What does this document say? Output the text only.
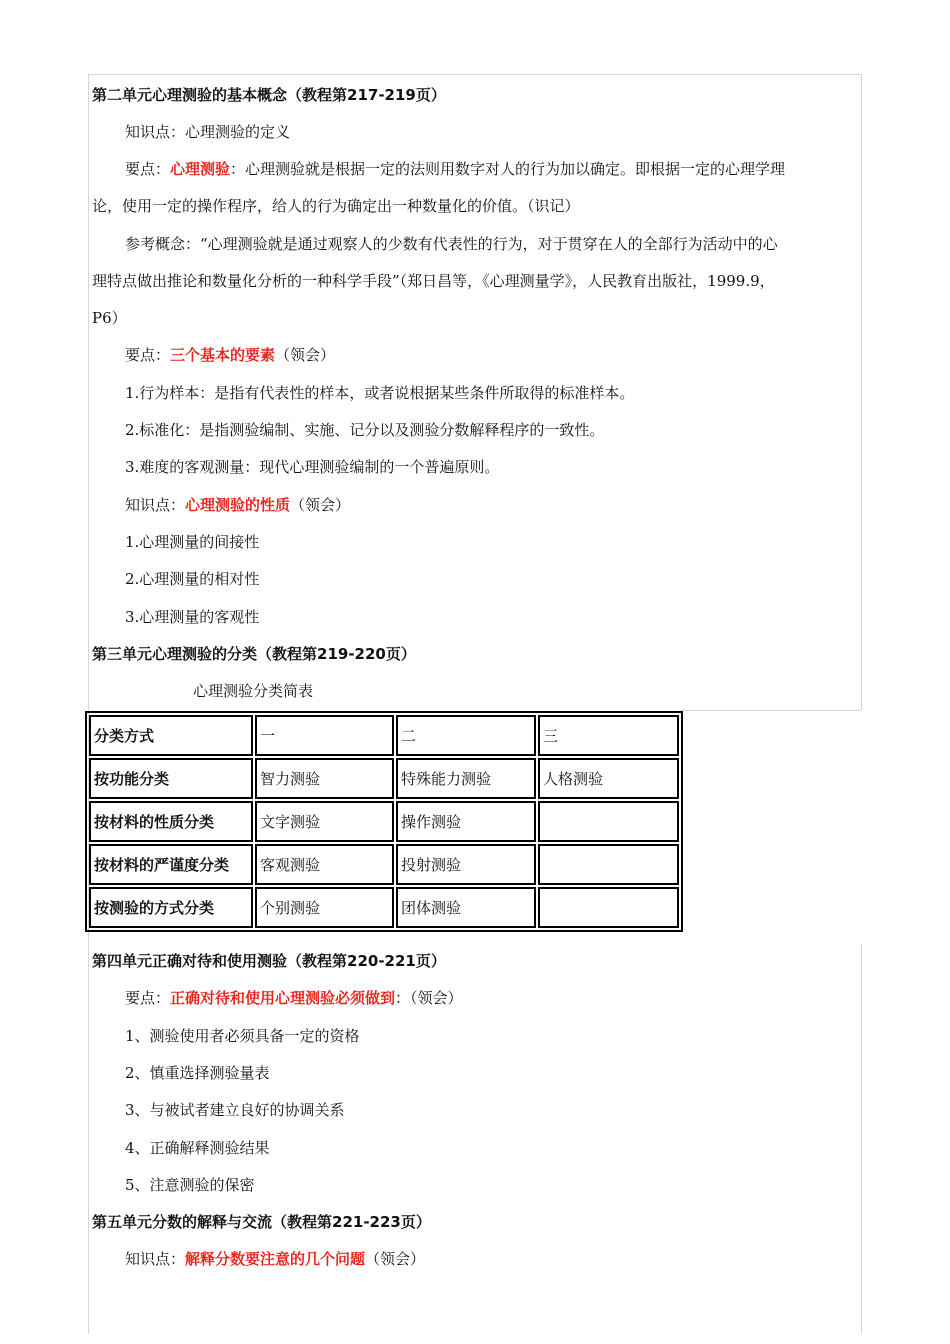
第二单元心理测验的基本概念（教程第217-219页）
知识点：心理测验的定义
要点：心理测验：心理测验就是根据一定的法则用数字对人的行为加以确定。即根据一定的心理学理
论，使用一定的操作程序，给人的行为确定出一种数量化的价值。（识记）
参考概念：“心理测验就是通过观察人的少数有代表性的行为，对于贯穿在人的全部行为活动中的心
理特点做出推论和数量化分析的一种科学手段”（郑日昌等，《心理测量学》，人民教育出版社，1999.9，
P6）
要点：三个基本的要素（领会）
1.行为样本：是指有代表性的样本，或者说根据某些条件所取得的标准样本。
2.标准化：是指测验编制、实施、记分以及测验分数解释程序的一致性。
3.难度的客观测量：现代心理测验编制的一个普遍原则。
知识点：心理测验的性质（领会）
1.心理测量的间接性
2.心理测量的相对性
3.心理测量的客观性
第三单元心理测验的分类（教程第219-220页）
心理测验分类简表
分类方式	一	二	三
按功能分类	智力测验	特殊能力测验	人格测验
按材料的性质分类	文字测验	操作测验	
按材料的严谨度分类	客观测验	投射测验	
按测验的方式分类	个别测验	团体测验	
第四单元正确对待和使用测验（教程第220-221页）
要点：正确对待和使用心理测验必须做到：（领会）
1、测验使用者必须具备一定的资格
2、慎重选择测验量表
3、与被试者建立良好的协调关系
4、正确解释测验结果
5、注意测验的保密
第五单元分数的解释与交流（教程第221-223页）
知识点：解释分数要注意的几个问题（领会）
